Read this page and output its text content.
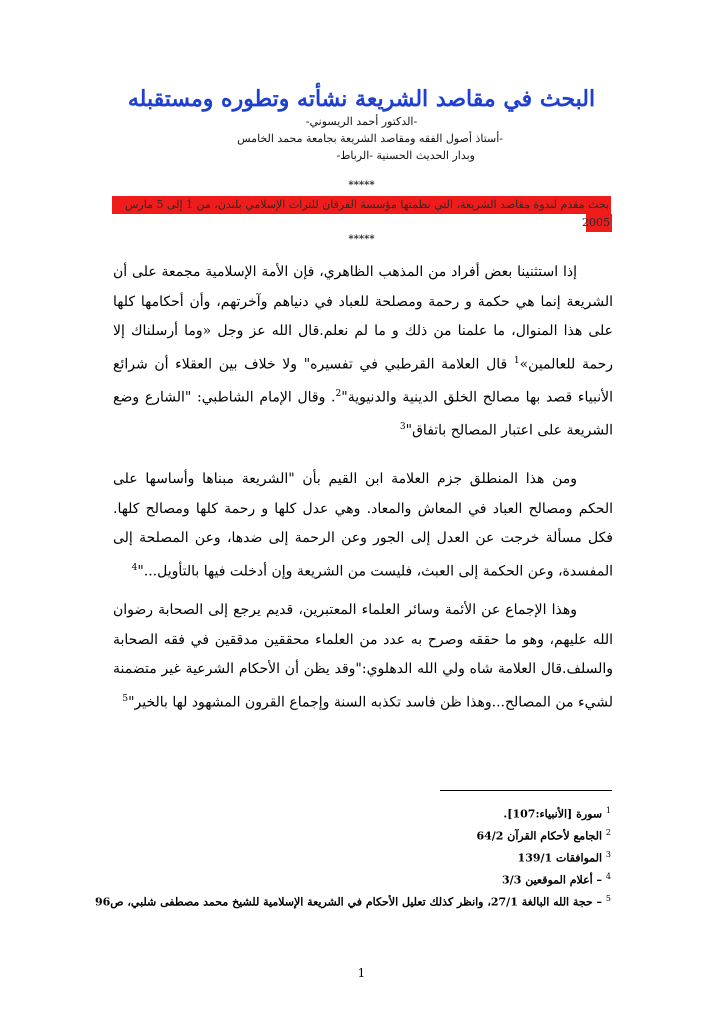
البحث في مقاصد الشريعة نشأته وتطوره ومستقبله
-الدكتور أحمد الريسوني-
-أستاذ أصول الفقه ومقاصد الشريعة بجامعة محمد الخامس
وبدار الحديث الحسنية -الرباط-
*****
بحث مقدم لندوة مقاصد الشريعة، التي نظمتها مؤسسة الفرقان للتراث الإسلامي بلندن، من 1 إلى 5 مارس
2005
*****
إذا استثنينا بعض أفراد من المذهب الظاهري، فإن الأمة الإسلامية مجمعة على أن الشريعة إنما هي حكمة و رحمة ومصلحة للعباد في دنياهم وآخرتهم، وأن أحكامها كلها على هذا المنوال، ما علمنا من ذلك و ما لم نعلم.قال الله عز وجل «وما أرسلناك إلا رحمة للعالمين»$^1$ قال العلامة القرطبي في تفسيره" ولا خلاف بين العقلاء أن شرائع الأنبياء قصد بها مصالح الخلق الدينية والدنيوية"$^2$. وقال الإمام الشاطبي: "الشارع وضع الشريعة على اعتبار المصالح باتفاق"$^3$
ومن هذا المنطلق جزم العلامة ابن القيم بأن "الشريعة مبناها وأساسها على الحكم ومصالح العباد في المعاش والمعاد. وهي عدل كلها و رحمة كلها ومصالح كلها. فكل مسألة خرجت عن العدل إلى الجور وعن الرحمة إلى ضدها، وعن المصلحة إلى المفسدة، وعن الحكمة إلى العبث، فليست من الشريعة وإن أدخلت فيها بالتأويل..."$^4$
وهذا الإجماع عن الأئمة وسائر العلماء المعتبرين، قديم يرجع إلى الصحابة رضوان الله عليهم، وهو ما حققه وصرح به عدد من العلماء محققين مدققين في فقه الصحابة والسلف.قال العلامة شاه ولي الله الدهلوي:"وقد يظن أن الأحكام الشرعية غير متضمنة لشيء من المصالح...وهذا ظن فاسد تكذبه السنة وإجماع القرون المشهود لها بالخير"$^5$
$^1$ سورة [الأنبياء:107].
$^2$ الجامع لأحكام القرآن 64/2
$^3$ الموافقات 139/1
$^4$ – أعلام الموقعين 3/3
$^5$ – حجة الله البالغة 27/1، وانظر كذلك تعليل الأحكام في الشريعة الإسلامية للشيخ محمد مصطفى شلبي، ص96
1
